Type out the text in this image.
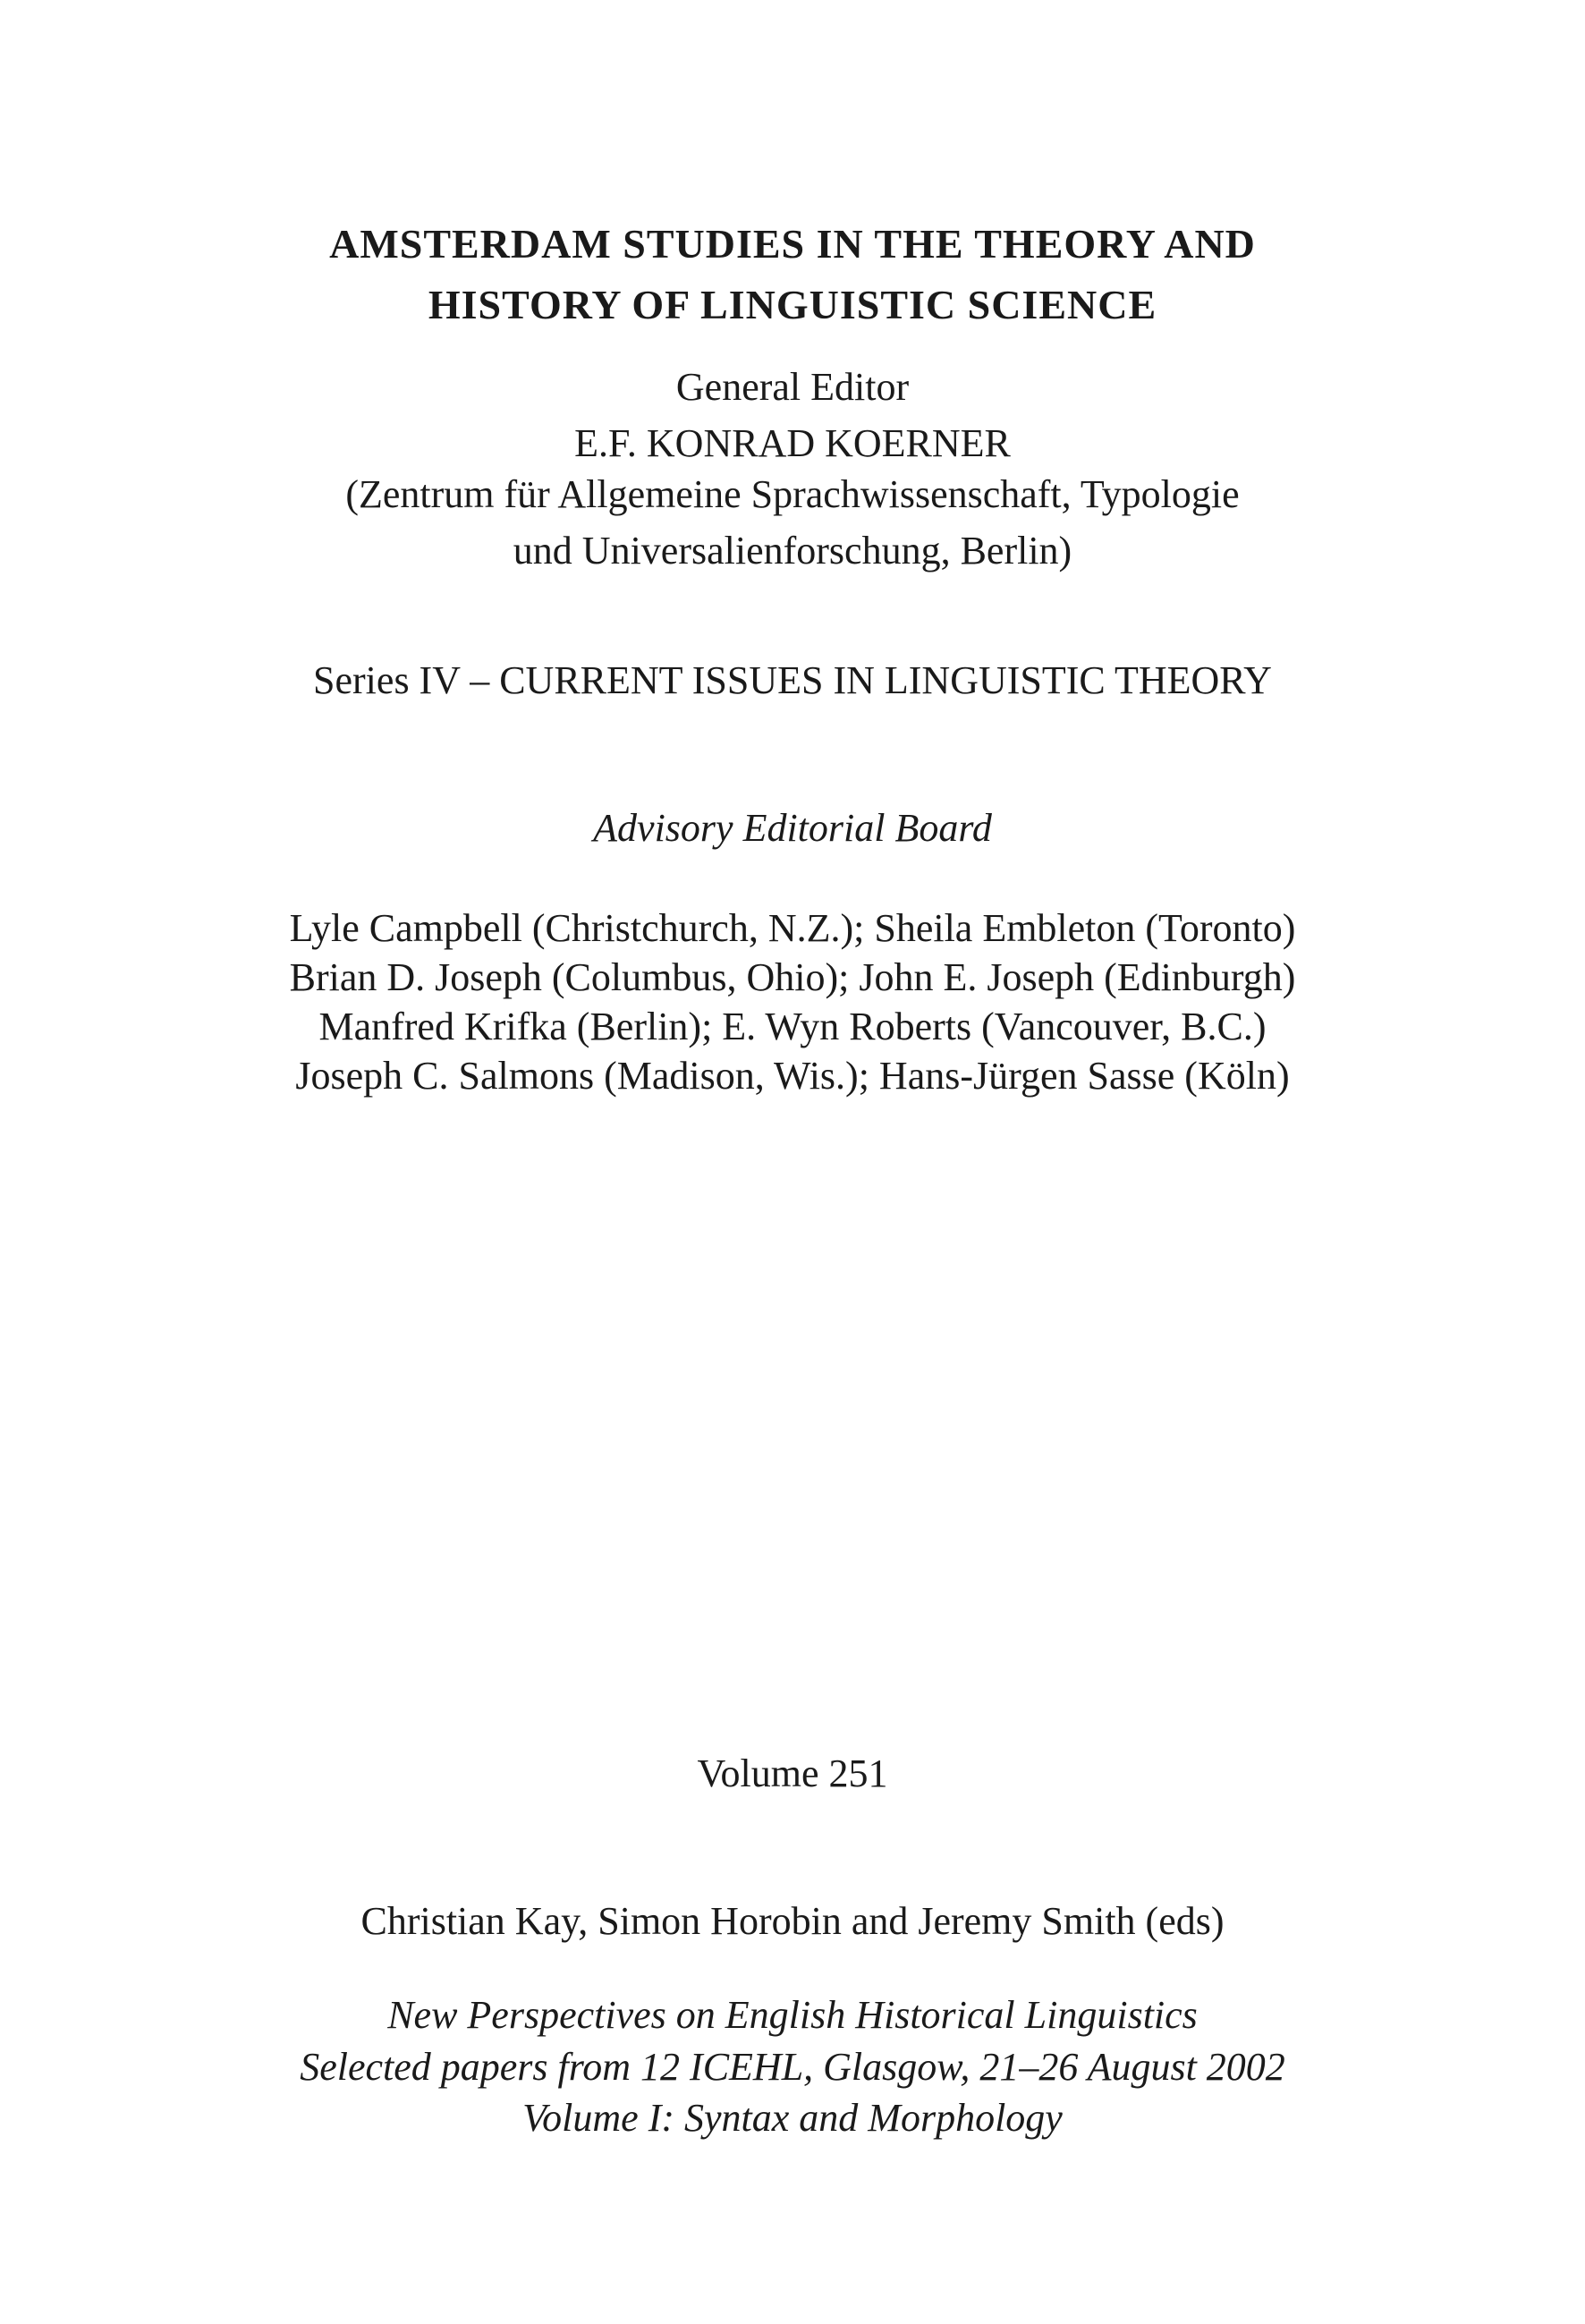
AMSTERDAM STUDIES IN THE THEORY AND
HISTORY OF LINGUISTIC SCIENCE
General Editor
E.F. KONRAD KOERNER
(Zentrum für Allgemeine Sprachwissenschaft, Typologie
und Universalienforschung, Berlin)
Series IV – CURRENT ISSUES IN LINGUISTIC THEORY
Advisory Editorial Board
Lyle Campbell (Christchurch, N.Z.); Sheila Embleton (Toronto)
Brian D. Joseph (Columbus, Ohio); John E. Joseph (Edinburgh)
Manfred Krifka (Berlin); E. Wyn Roberts (Vancouver, B.C.)
Joseph C. Salmons (Madison, Wis.); Hans-Jürgen Sasse (Köln)
Volume 251
Christian Kay, Simon Horobin and Jeremy Smith (eds)
New Perspectives on English Historical Linguistics
Selected papers from 12 ICEHL, Glasgow, 21–26 August 2002
Volume I: Syntax and Morphology
